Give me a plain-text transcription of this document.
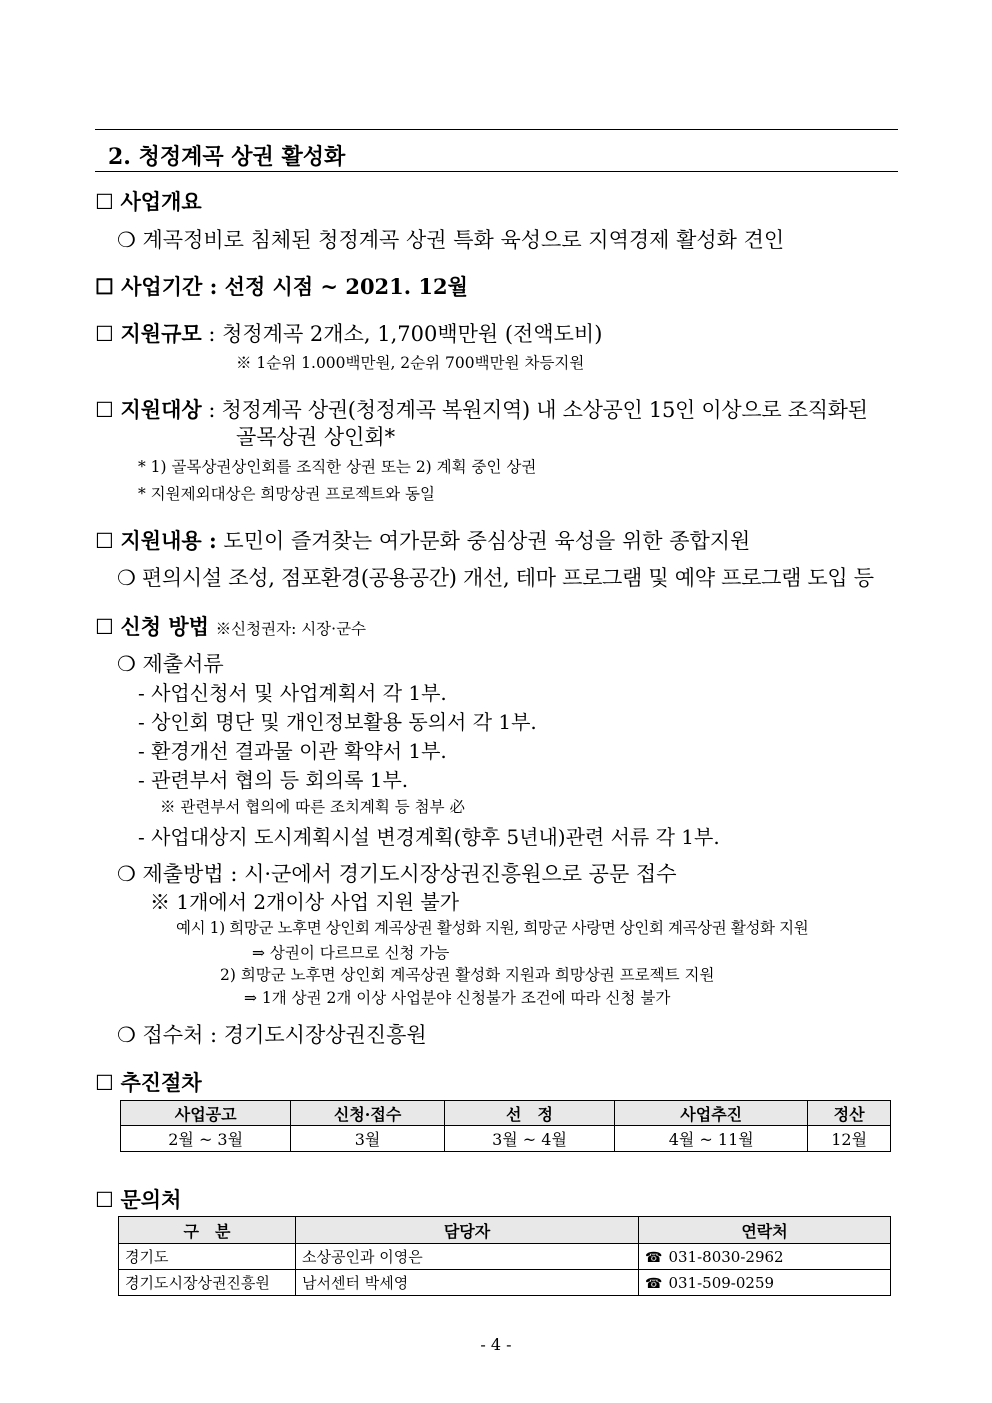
2. 청정계곡 상권 활성화
☐ 사업개요
❍ 계곡정비로 침체된 청정계곡 상권 특화 육성으로 지역경제 활성화 견인
☐ 사업기간 : 선정 시점 ~ 2021. 12월
☐ 지원규모 : 청정계곡 2개소, 1,700백만원 (전액도비)
※ 1순위 1.000백만원, 2순위 700백만원 차등지원
☐ 지원대상 : 청정계곡 상권(청정계곡 복원지역) 내 소상공인 15인 이상으로 조직화된
골목상권 상인회*
* 1) 골목상권상인회를 조직한 상권 또는 2) 계획 중인 상권
* 지원제외대상은 희망상권 프로젝트와 동일
☐ 지원내용 : 도민이 즐겨찾는 여가문화 중심상권 육성을 위한 종합지원
❍ 편의시설 조성, 점포환경(공용공간) 개선, 테마 프로그램 및 예약 프로그램 도입 등
☐ 신청 방법 ※신청권자: 시장·군수
❍ 제출서류
- 사업신청서 및 사업계획서 각 1부.
- 상인회 명단 및 개인정보활용 동의서 각 1부.
- 환경개선 결과물 이관 확약서 1부.
- 관련부서 협의 등 회의록 1부.
※ 관련부서 협의에 따른 조치계획 등 첨부 必
- 사업대상지 도시계획시설 변경계획(향후 5년내)관련 서류 각 1부.
❍ 제출방법 : 시·군에서 경기도시장상권진흥원으로 공문 접수
※ 1개에서 2개이상 사업 지원 불가
예시 1) 희망군 노후면 상인회 계곡상권 활성화 지원, 희망군 사랑면 상인회 계곡상권 활성화 지원
⇒ 상권이 다르므로 신청 가능
2) 희망군 노후면 상인회 계곡상권 활성화 지원과 희망상권 프로젝트 지원
⇒ 1개 상권 2개 이상 사업분야 신청불가 조건에 따라 신청 불가
❍ 접수처 : 경기도시장상권진흥원
☐ 추진절차
사업공고	신청·접수	선　정	사업추진	정산
2월 ~ 3월	3월	3월 ~ 4월	4월 ~ 11월	12월
☐ 문의처
구　분	담당자	연락처
경기도	소상공인과 이영은	☎ 031-8030-2962
경기도시장상권진흥원	남서센터 박세영	☎ 031-509-0259
- 4 -
